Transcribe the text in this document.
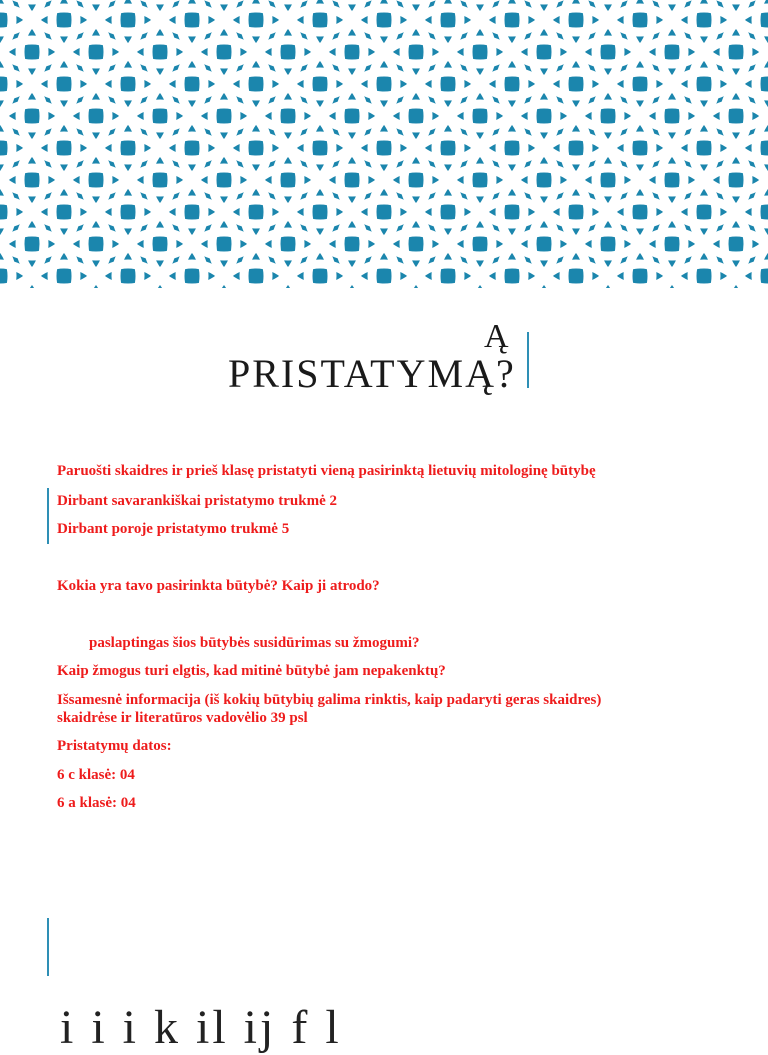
Ą
PRISTATYMĄ?

Paruošti skaidres ir prieš klasę pristatyti vieną pasirinktą lietuvių mitologinę būtybę

Dirbant savarankiškai pristatymo trukmė 2

Dirbant poroje pristatymo trukmė 5

Kokia yra tavo pasirinkta būtybė? Kaip ji atrodo?

paslaptingas šios būtybės susidūrimas su žmogumi?

Kaip žmogus turi elgtis, kad mitinė būtybė jam nepakenktų?

Išsamesnė informacija (iš kokių būtybių galima rinktis, kaip padaryti geras skaidres)

skaidrėse ir literatūros vadovėlio 39 psl

Pristatymų datos:

6 c klasė: 04

6 a klasė: 04

i i i k il ij f l
